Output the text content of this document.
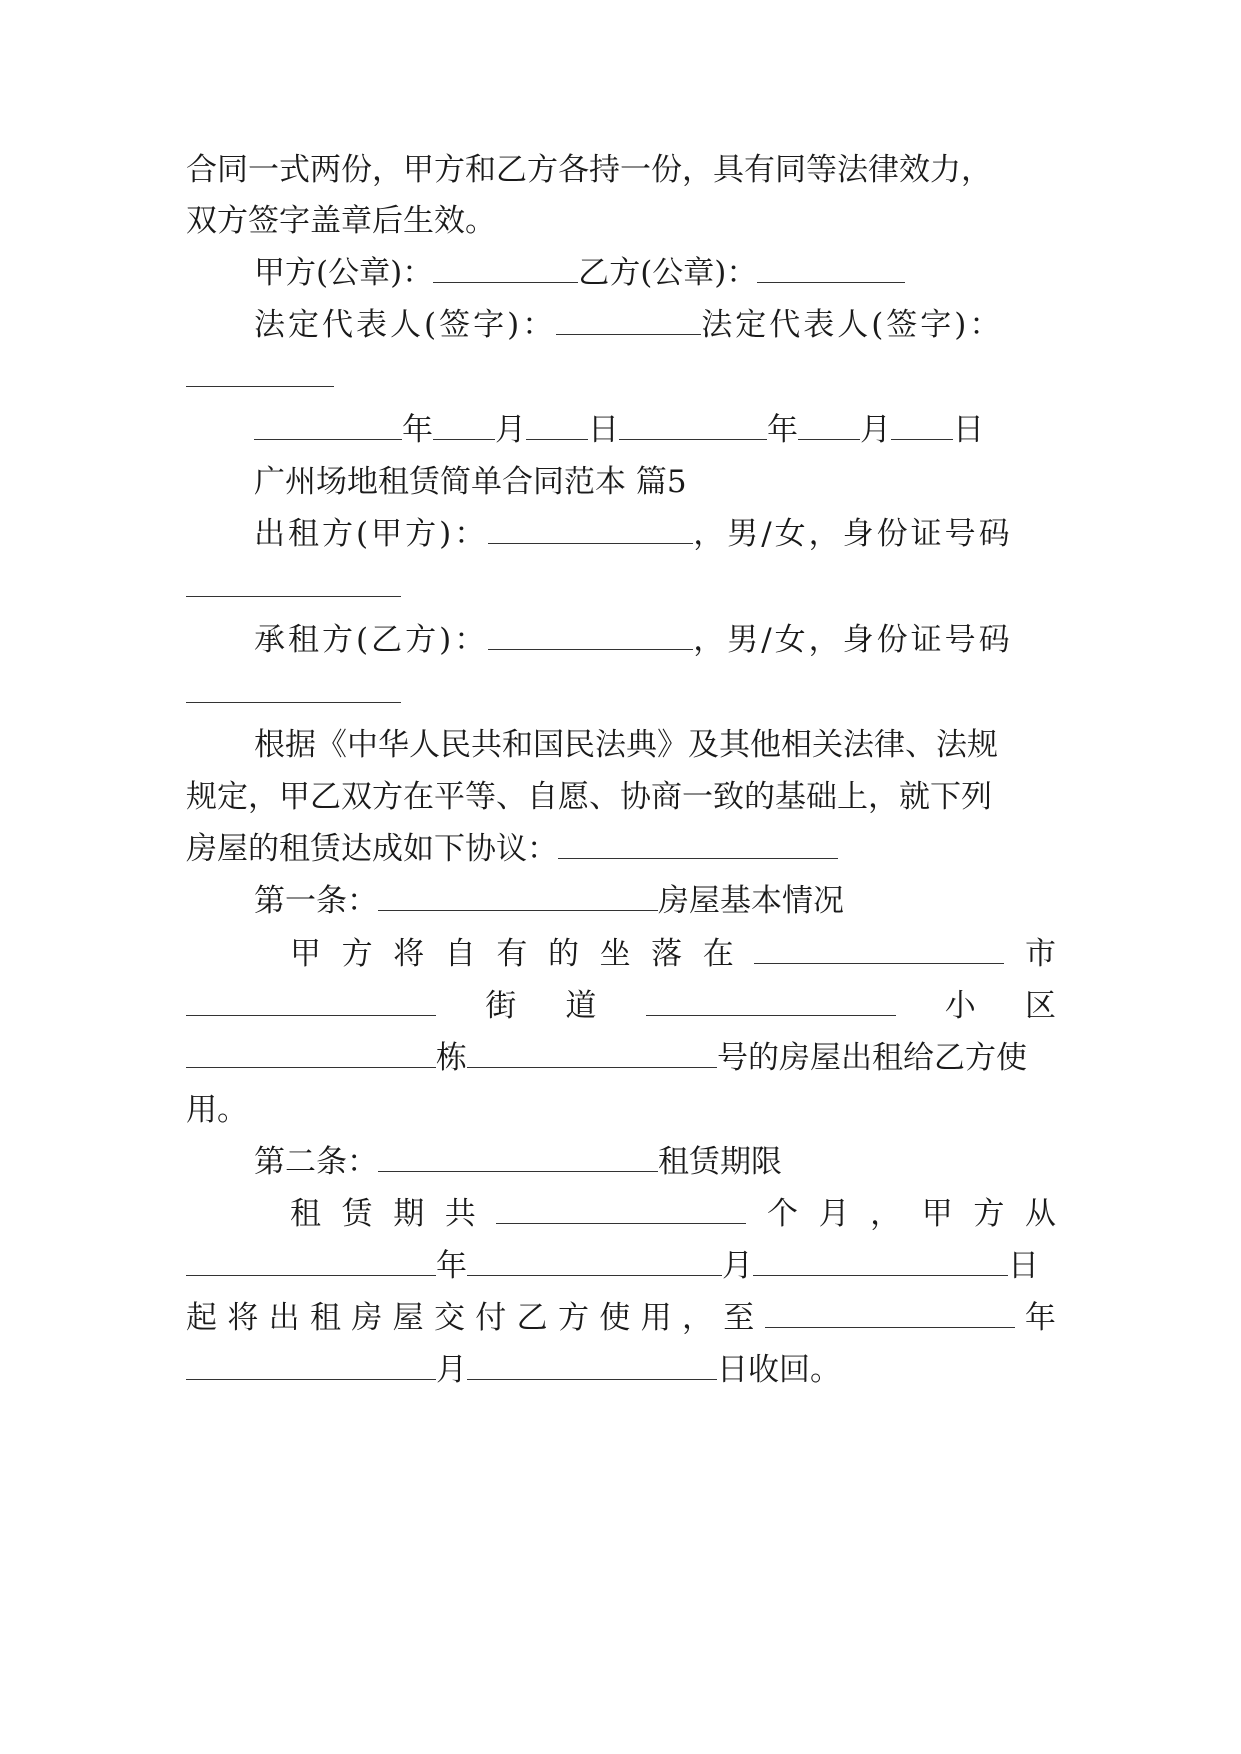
合同一式两份，甲方和乙方各持一份，具有同等法律效力，
双方签字盖章后生效。
甲方(公章)：	乙方(公章)：
法定代表人(签字)：	法定代表人(签字)：
年 月 日	年 月 日
广州场地租赁简单合同范本 篇5
出租方(甲方)：	，男/女，身份证号码
承租方(乙方)：	，男/女，身份证号码
根据《中华人民共和国民法典》及其他相关法律、法规
规定，甲乙双方在平等、自愿、协商一致的基础上，就下列
房屋的租赁达成如下协议：
第一条：	房屋基本情况
甲 方 将 自 有 的 坐 落 在	市
街 道	小 区
栋	号的房屋出租给乙方使
用。
第二条：	租赁期限
租 赁 期 共	个 月 ， 甲 方 从
年	月	日
起 将 出 租 房 屋 交 付 乙 方 使 用 ， 至	年
月	日收回。
